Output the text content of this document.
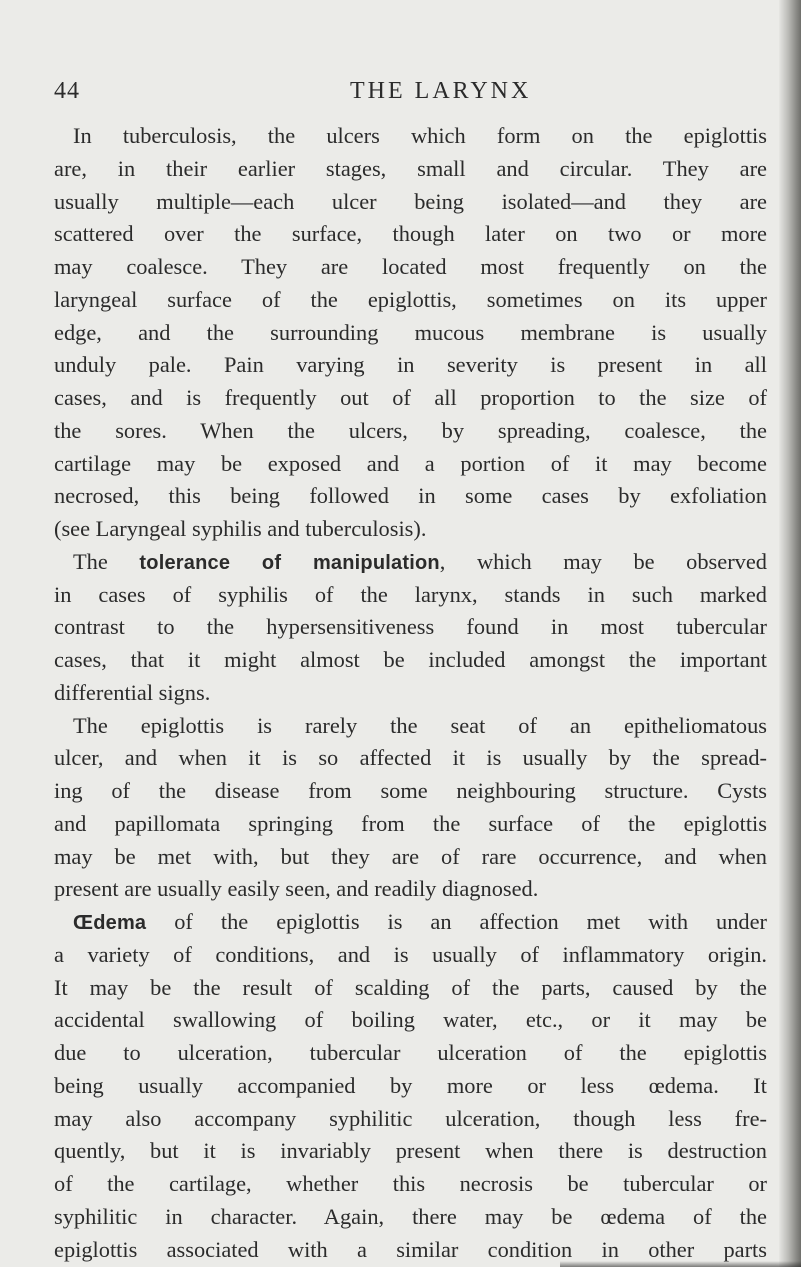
44	THE LARYNX
In tuberculosis, the ulcers which form on the epiglottis
are, in their earlier stages, small and circular. They are
usually multiple—each ulcer being isolated—and they are
scattered over the surface, though later on two or more
may coalesce. They are located most frequently on the
laryngeal surface of the epiglottis, sometimes on its upper
edge, and the surrounding mucous membrane is usually
unduly pale. Pain varying in severity is present in all
cases, and is frequently out of all proportion to the size of
the sores. When the ulcers, by spreading, coalesce, the
cartilage may be exposed and a portion of it may become
necrosed, this being followed in some cases by exfoliation
(see Laryngeal syphilis and tuberculosis).
The tolerance of manipulation, which may be observed
in cases of syphilis of the larynx, stands in such marked
contrast to the hypersensitiveness found in most tubercular
cases, that it might almost be included amongst the important
differential signs.
The epiglottis is rarely the seat of an epitheliomatous
ulcer, and when it is so affected it is usually by the spread-
ing of the disease from some neighbouring structure. Cysts
and papillomata springing from the surface of the epiglottis
may be met with, but they are of rare occurrence, and when
present are usually easily seen, and readily diagnosed.
Œdema of the epiglottis is an affection met with under
a variety of conditions, and is usually of inflammatory origin.
It may be the result of scalding of the parts, caused by the
accidental swallowing of boiling water, etc., or it may be
due to ulceration, tubercular ulceration of the epiglottis
being usually accompanied by more or less œdema. It
may also accompany syphilitic ulceration, though less fre-
quently, but it is invariably present when there is destruction
of the cartilage, whether this necrosis be tubercular or
syphilitic in character. Again, there may be œdema of the
epiglottis associated with a similar condition in other parts
